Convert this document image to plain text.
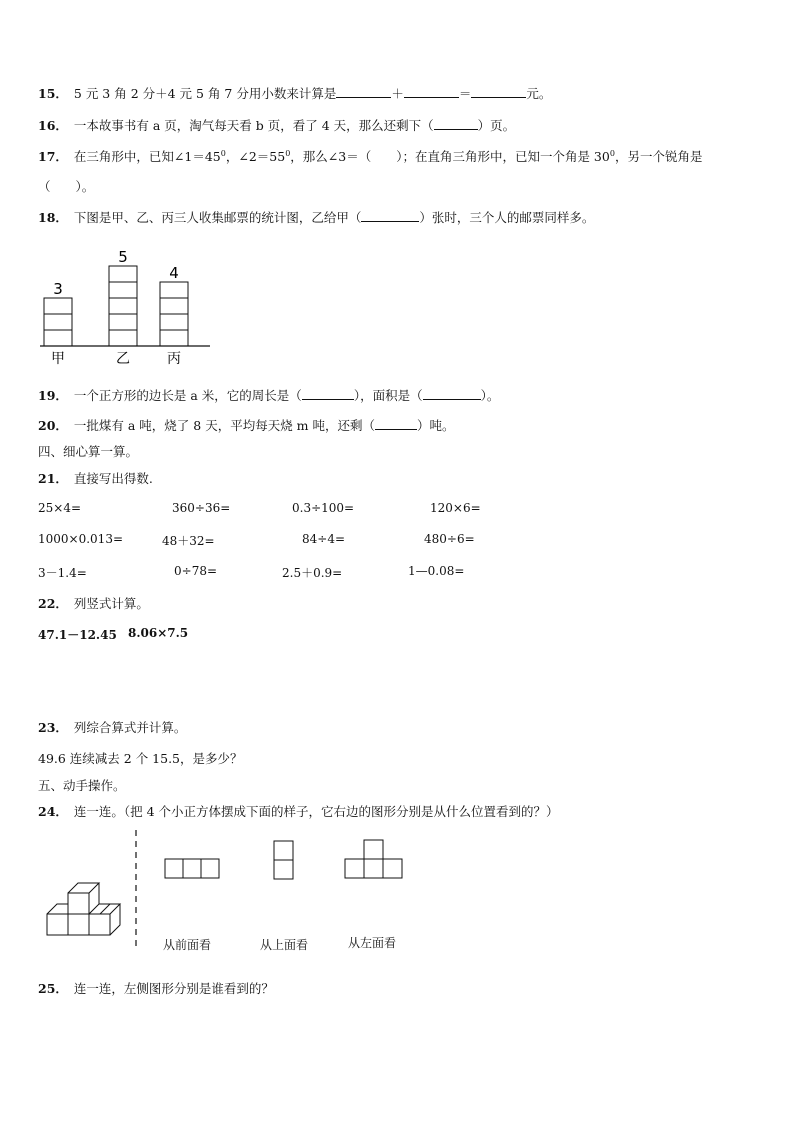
15． 5 元 3 角 2 分＋4 元 5 角 7 分用小数来计算是	＋	＝	元。
16． 一本故事书有 a 页，淘气每天看 b 页，看了 4 天，那么还剩下（	）页。
17． 在三角形中，已知$\angle 1=45^0$，$\angle 2=55^0$，那么∠3＝（　　）；在直角三角形中，已知一个角是 $30^0$，另一个锐角是
（　　）。
18． 下图是甲、乙、丙三人收集邮票的统计图，乙给甲（	）张时，三个人的邮票同样多。
3
甲
5
乙
4
丙
19． 一个正方形的边长是 a 米，它的周长是（	），面积是（	）。
20． 一批煤有 a 吨，烧了 8 天，平均每天烧 m 吨，还剩（	）吨。
四、细心算一算。
21． 直接写出得数.
25×4=	360÷36=	0.3÷100=	120×6=
1000×0.013=	48＋32=	84÷4=	480÷6=
3－1.4=	0÷78=	2.5＋0.9=	1—0.08=
22． 列竖式计算。
47.1－12.45 8.06×7.5
23． 列综合算式并计算。
49.6 连续减去 2 个 15.5，是多少？
五、动手操作。
24． 连一连。（把 4 个小正方体摆成下面的样子，它右边的图形分别是从什么位置看到的？）
从前面看	从上面看	从左面看
25． 连一连，左侧图形分别是谁看到的？
